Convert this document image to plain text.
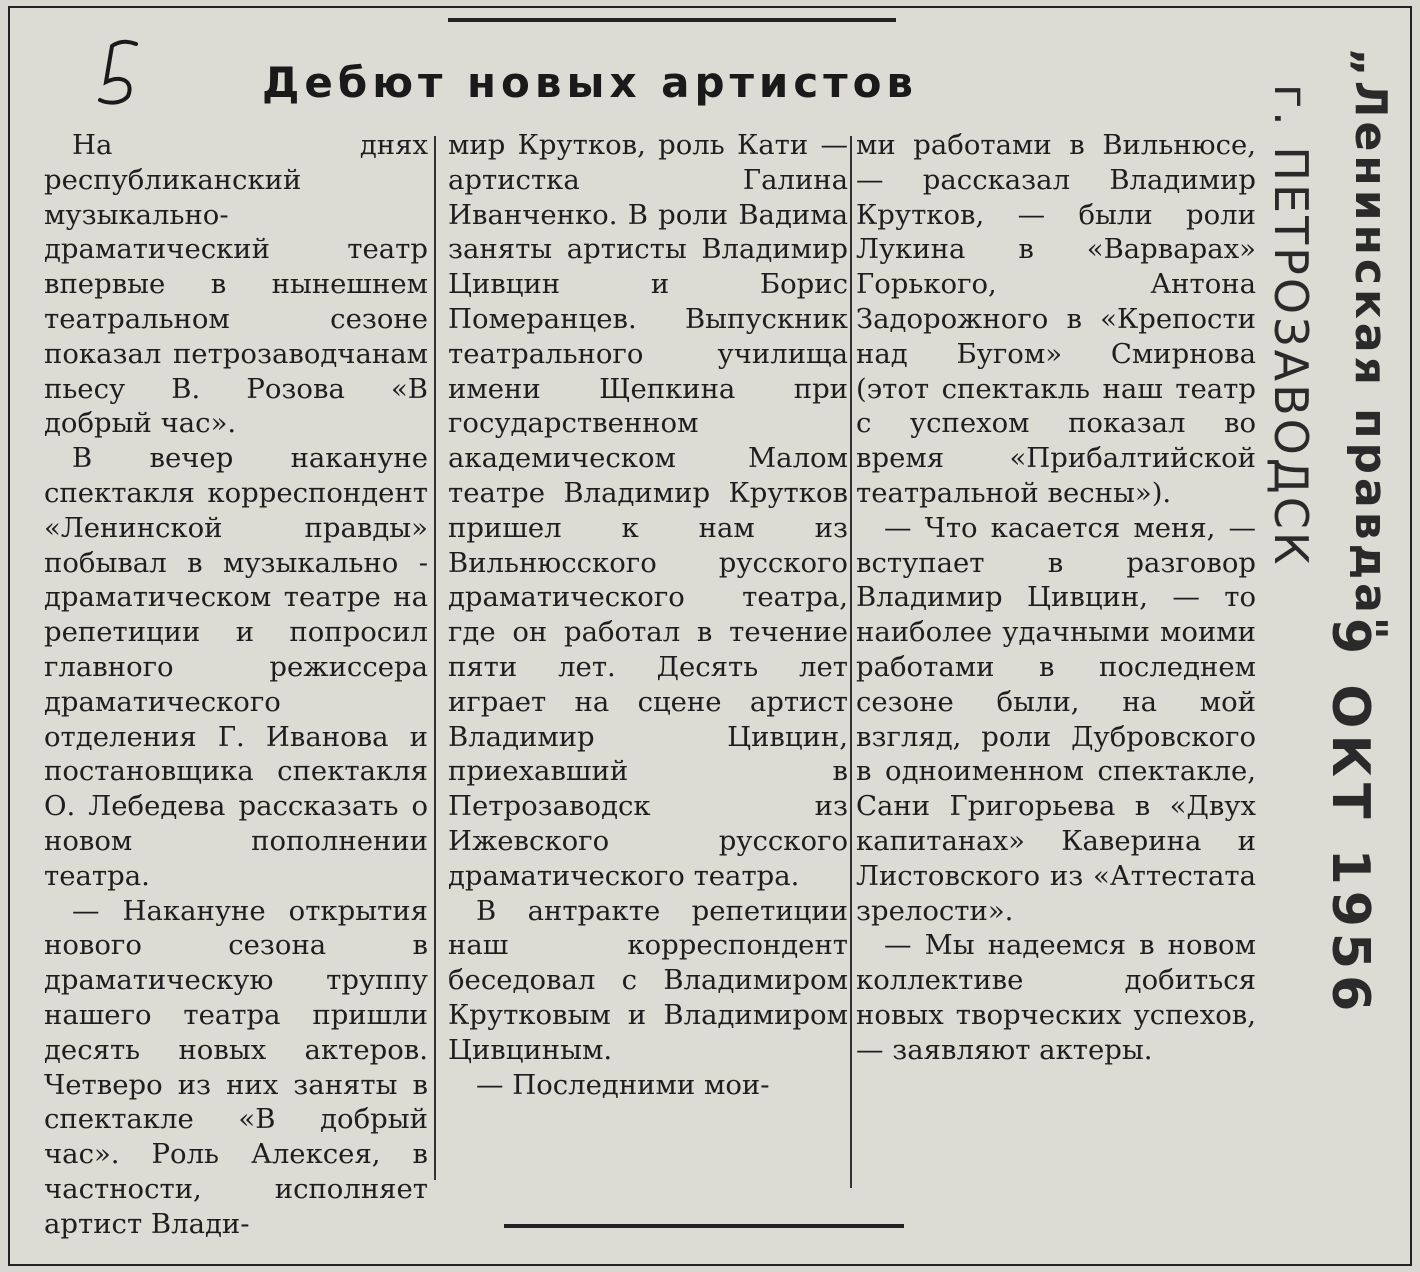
Дебют новых артистов

На днях республиканский музыкально-драматический театр впервые в нынешнем театральном сезоне показал петрозаводчанам пьесу В. Розова «В добрый час».

В вечер накануне спектакля корреспондент «Ленинской правды» побывал в музыкально - драматическом театре на репетиции и попросил главного режиссера драматического отделения Г. Иванова и постановщика спектакля О. Лебедева рассказать о новом пополнении театра.

— Накануне открытия нового сезона в драматическую труппу нашего театра пришли десять новых актеров. Четверо из них заняты в спектакле «В добрый час». Роль Алексея, в частности, исполняет артист Влади-

мир Крутков, роль Кати — артистка Галина Иванченко. В роли Вадима заняты артисты Владимир Цивцин и Борис Померанцев. Выпускник театрального училища имени Щепкина при государственном академическом Малом театре Владимир Крутков пришел к нам из Вильнюсского русского драматического театра, где он работал в течение пяти лет. Десять лет играет на сцене артист Владимир Цивцин, приехавший в Петрозаводск из Ижевского русского драматического театра.

В антракте репетиции наш корреспондент беседовал с Владимиром Крутковым и Владимиром Цивциным.

— Последними мои-

ми работами в Вильнюсе, — рассказал Владимир Крутков, — были роли Лукина в «Варварах» Горького, Антона Задорожного в «Крепости над Бугом» Смирнова (этот спектакль наш театр с успехом показал во время «Прибалтийской театральной весны»).

— Что касается меня, — вступает в разговор Владимир Цивцин, — то наиболее удачными моими работами в последнем сезоне были, на мой взгляд, роли Дубровского в одноименном спектакле, Сани Григорьева в «Двух капитанах» Каверина и Листовского из «Аттестата зрелости».

— Мы надеемся в новом коллективе добиться новых творческих успехов, — заявляют актеры.

„Ленинская правда"
г. ПЕТРОЗАВОДСК
9 ОКТ 1956
